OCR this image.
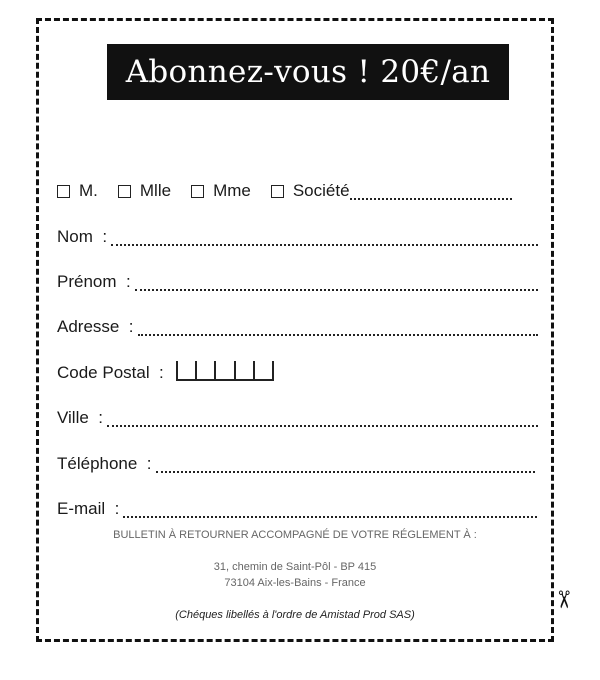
Abonnez-vous ! 20€/an
M. Mlle Mme Société
Nom  :
Prénom  :
Adresse  :
Code Postal  :
Ville  :
Téléphone  :
E-mail  :
BULLETIN À RETOURNER ACCOMPAGNÉ DE VOTRE RÉGLEMENT À :
31, chemin de Saint-Pôl - BP 415
73104 Aix-les-Bains - France
(Chéques libellés à l'ordre de Amistad Prod SAS)
✂
